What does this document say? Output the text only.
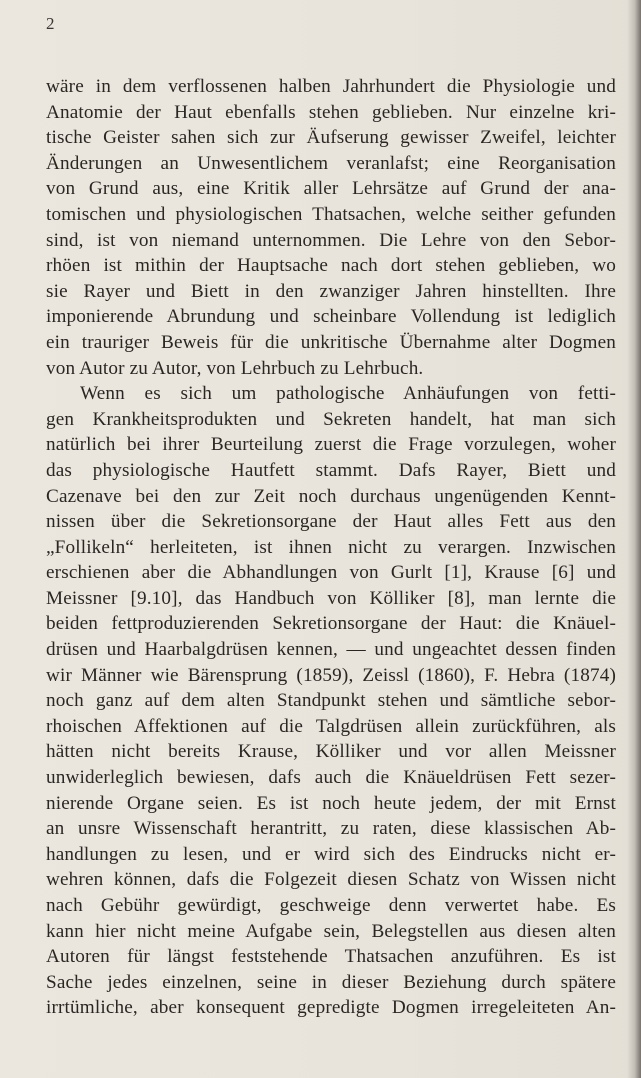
2
wäre in dem verflossenen halben Jahrhundert die Physiologie und
Anatomie der Haut ebenfalls stehen geblieben. Nur einzelne kri-
tische Geister sahen sich zur Äufserung gewisser Zweifel, leichter
Änderungen an Unwesentlichem veranlafst; eine Reorganisation
von Grund aus, eine Kritik aller Lehrsätze auf Grund der ana-
tomischen und physiologischen Thatsachen, welche seither gefunden
sind, ist von niemand unternommen. Die Lehre von den Sebor-
rhöen ist mithin der Hauptsache nach dort stehen geblieben, wo
sie Rayer und Biett in den zwanziger Jahren hinstellten. Ihre
imponierende Abrundung und scheinbare Vollendung ist lediglich
ein trauriger Beweis für die unkritische Übernahme alter Dogmen
von Autor zu Autor, von Lehrbuch zu Lehrbuch.
Wenn es sich um pathologische Anhäufungen von fetti-
gen Krankheitsprodukten und Sekreten handelt, hat man sich
natürlich bei ihrer Beurteilung zuerst die Frage vorzulegen, woher
das physiologische Hautfett stammt. Dafs Rayer, Biett und
Cazenave bei den zur Zeit noch durchaus ungenügenden Kennt-
nissen über die Sekretionsorgane der Haut alles Fett aus den
„Follikeln“ herleiteten, ist ihnen nicht zu verargen. Inzwischen
erschienen aber die Abhandlungen von Gurlt [1], Krause [6] und
Meissner [9.10], das Handbuch von Kölliker [8], man lernte die
beiden fettproduzierenden Sekretionsorgane der Haut: die Knäuel-
drüsen und Haarbalgdrüsen kennen, — und ungeachtet dessen finden
wir Männer wie Bärensprung (1859), Zeissl (1860), F. Hebra (1874)
noch ganz auf dem alten Standpunkt stehen und sämtliche sebor-
rhoischen Affektionen auf die Talgdrüsen allein zurückführen, als
hätten nicht bereits Krause, Kölliker und vor allen Meissner
unwiderleglich bewiesen, dafs auch die Knäueldrüsen Fett sezer-
nierende Organe seien. Es ist noch heute jedem, der mit Ernst
an unsre Wissenschaft herantritt, zu raten, diese klassischen Ab-
handlungen zu lesen, und er wird sich des Eindrucks nicht er-
wehren können, dafs die Folgezeit diesen Schatz von Wissen nicht
nach Gebühr gewürdigt, geschweige denn verwertet habe. Es
kann hier nicht meine Aufgabe sein, Belegstellen aus diesen alten
Autoren für längst feststehende Thatsachen anzuführen. Es ist
Sache jedes einzelnen, seine in dieser Beziehung durch spätere
irrtümliche, aber konsequent gepredigte Dogmen irregeleiteten An-
